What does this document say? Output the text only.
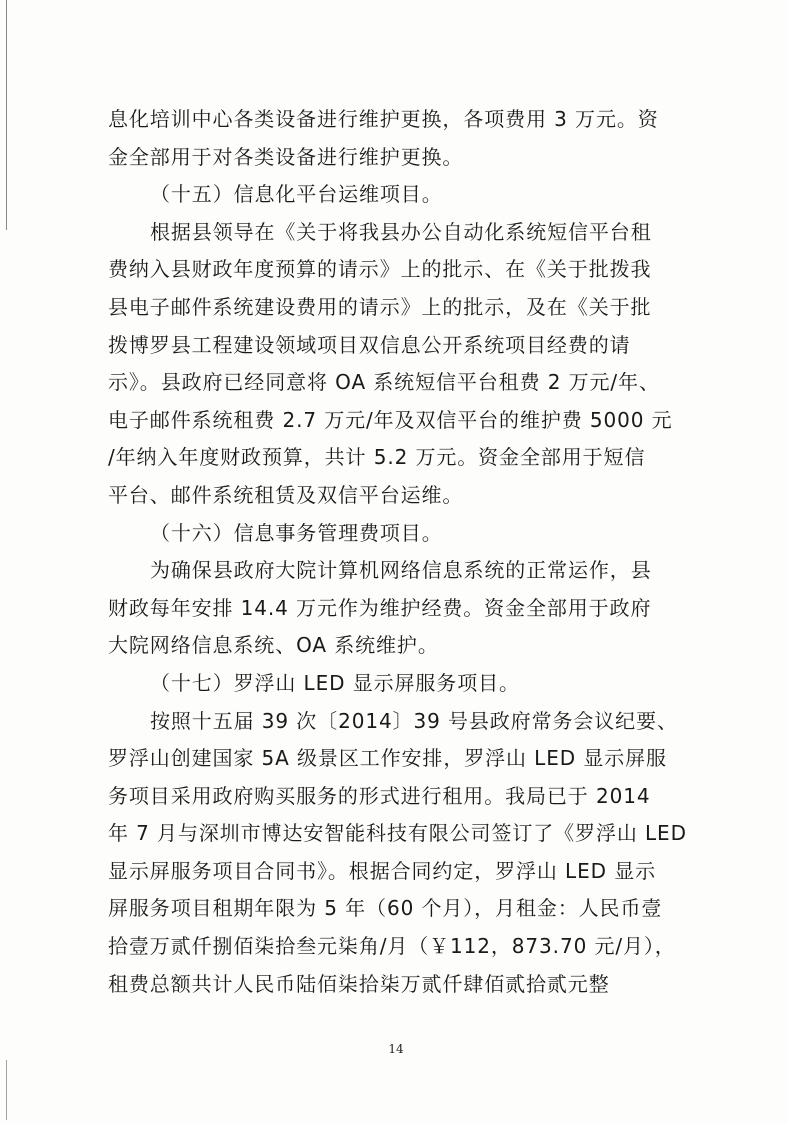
息化培训中心各类设备进行维护更换，各项费用 3 万元。资
金全部用于对各类设备进行维护更换。
（十五）信息化平台运维项目。
根据县领导在《关于将我县办公自动化系统短信平台租
费纳入县财政年度预算的请示》上的批示、在《关于批拨我
县电子邮件系统建设费用的请示》上的批示，及在《关于批
拨博罗县工程建设领域项目双信息公开系统项目经费的请
示》。县政府已经同意将 OA 系统短信平台租费 2 万元/年、
电子邮件系统租费 2.7 万元/年及双信平台的维护费 5000 元
/年纳入年度财政预算，共计 5.2 万元。资金全部用于短信
平台、邮件系统租赁及双信平台运维。
（十六）信息事务管理费项目。
为确保县政府大院计算机网络信息系统的正常运作，县
财政每年安排 14.4 万元作为维护经费。资金全部用于政府
大院网络信息系统、OA 系统维护。
（十七）罗浮山 LED 显示屏服务项目。
按照十五届 39 次〔2014〕39 号县政府常务会议纪要、
罗浮山创建国家 5A 级景区工作安排，罗浮山 LED 显示屏服
务项目采用政府购买服务的形式进行租用。我局已于 2014
年 7 月与深圳市博达安智能科技有限公司签订了《罗浮山 LED
显示屏服务项目合同书》。根据合同约定，罗浮山 LED 显示
屏服务项目租期年限为 5 年（60 个月），月租金：人民币壹
拾壹万贰仟捌佰柒拾叁元柒角/月（￥112，873.70 元/月），
租费总额共计人民币陆佰柒拾柒万贰仟肆佰贰拾贰元整
14
